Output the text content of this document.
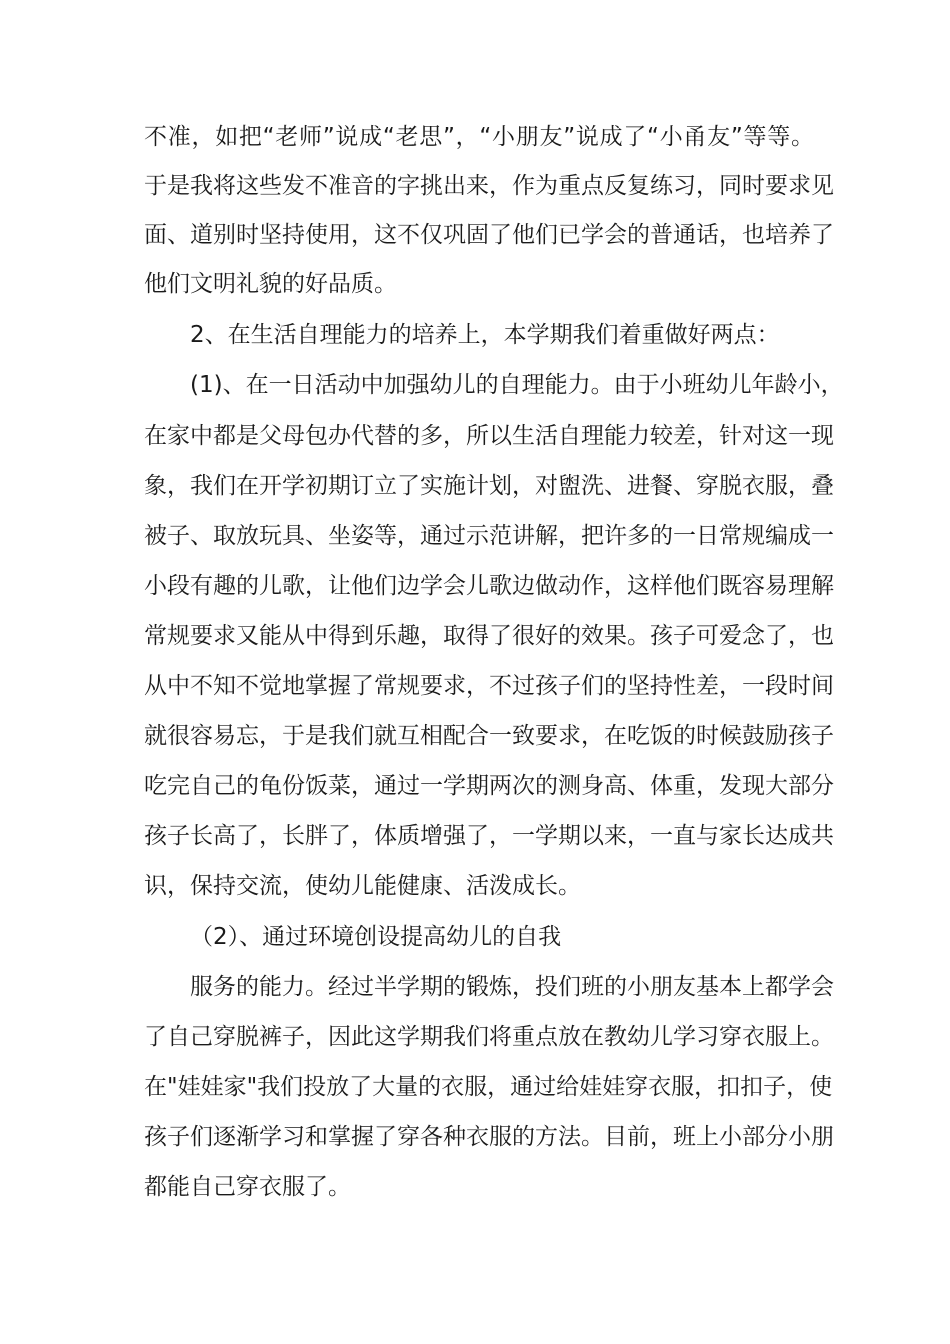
不准，如把“老师”说成“老思”，“小朋友”说成了“小甬友”等等。
于是我将这些发不准音的字挑出来，作为重点反复练习，同时要求见
面、道别时坚持使用，这不仅巩固了他们已学会的普通话，也培养了
他们文明礼貌的好品质。
2、在生活自理能力的培养上，本学期我们着重做好两点：
(1)、在一日活动中加强幼儿的自理能力。由于小班幼儿年龄小，
在家中都是父母包办代替的多，所以生活自理能力较差，针对这一现
象，我们在开学初期订立了实施计划，对盥洗、进餐、穿脱衣服，叠
被子、取放玩具、坐姿等，通过示范讲解，把许多的一日常规编成一
小段有趣的儿歌，让他们边学会儿歌边做动作，这样他们既容易理解
常规要求又能从中得到乐趣，取得了很好的效果。孩子可爱念了，也
从中不知不觉地掌握了常规要求，不过孩子们的坚持性差，一段时间
就很容易忘，于是我们就互相配合一致要求，在吃饭的时候鼓励孩子
吃完自己的龟份饭菜，通过一学期两次的测身高、体重，发现大部分
孩子长高了，长胖了，体质增强了，一学期以来，一直与家长达成共
识，保持交流，使幼儿能健康、活泼成长。
（2）、通过环境创设提高幼儿的自我
服务的能力。经过半学期的锻炼，投们班的小朋友基本上都学会
了自己穿脱裤子，因此这学期我们将重点放在教幼儿学习穿衣服上。
在"娃娃家"我们投放了大量的衣服，通过给娃娃穿衣服，扣扣子，使
孩子们逐渐学习和掌握了穿各种衣服的方法。目前，班上小部分小朋
都能自己穿衣服了。
